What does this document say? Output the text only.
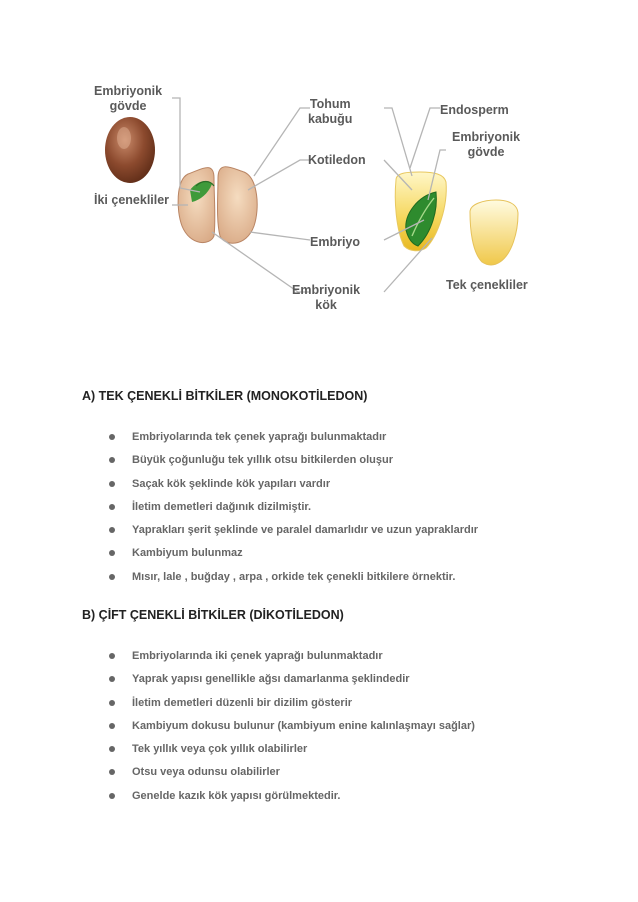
Embriyonik
gövde
İki çenekliler
Tohum
kabuğu
Kotiledon
Embriyo
Embriyonik
kök
Endosperm
Embriyonik
gövde
Tek çenekliler
A) TEK ÇENEKLİ BİTKİLER (MONOKOTİLEDON)
Embriyolarında tek çenek yaprağı bulunmaktadır
Büyük çoğunluğu tek yıllık otsu bitkilerden oluşur
Saçak kök şeklinde kök yapıları vardır
İletim demetleri dağınık dizilmiştir.
Yaprakları şerit şeklinde ve paralel damarlıdır ve uzun yapraklardır
Kambiyum bulunmaz
Mısır, lale , buğday , arpa , orkide tek çenekli bitkilere örnektir.
B) ÇİFT ÇENEKLİ BİTKİLER (DİKOTİLEDON)
Embriyolarında iki çenek yaprağı bulunmaktadır
Yaprak yapısı genellikle ağsı damarlanma şeklindedir
İletim demetleri düzenli bir dizilim gösterir
Kambiyum dokusu bulunur (kambiyum enine kalınlaşmayı sağlar)
Tek yıllık veya çok yıllık olabilirler
Otsu veya odunsu olabilirler
Genelde kazık kök yapısı görülmektedir.
